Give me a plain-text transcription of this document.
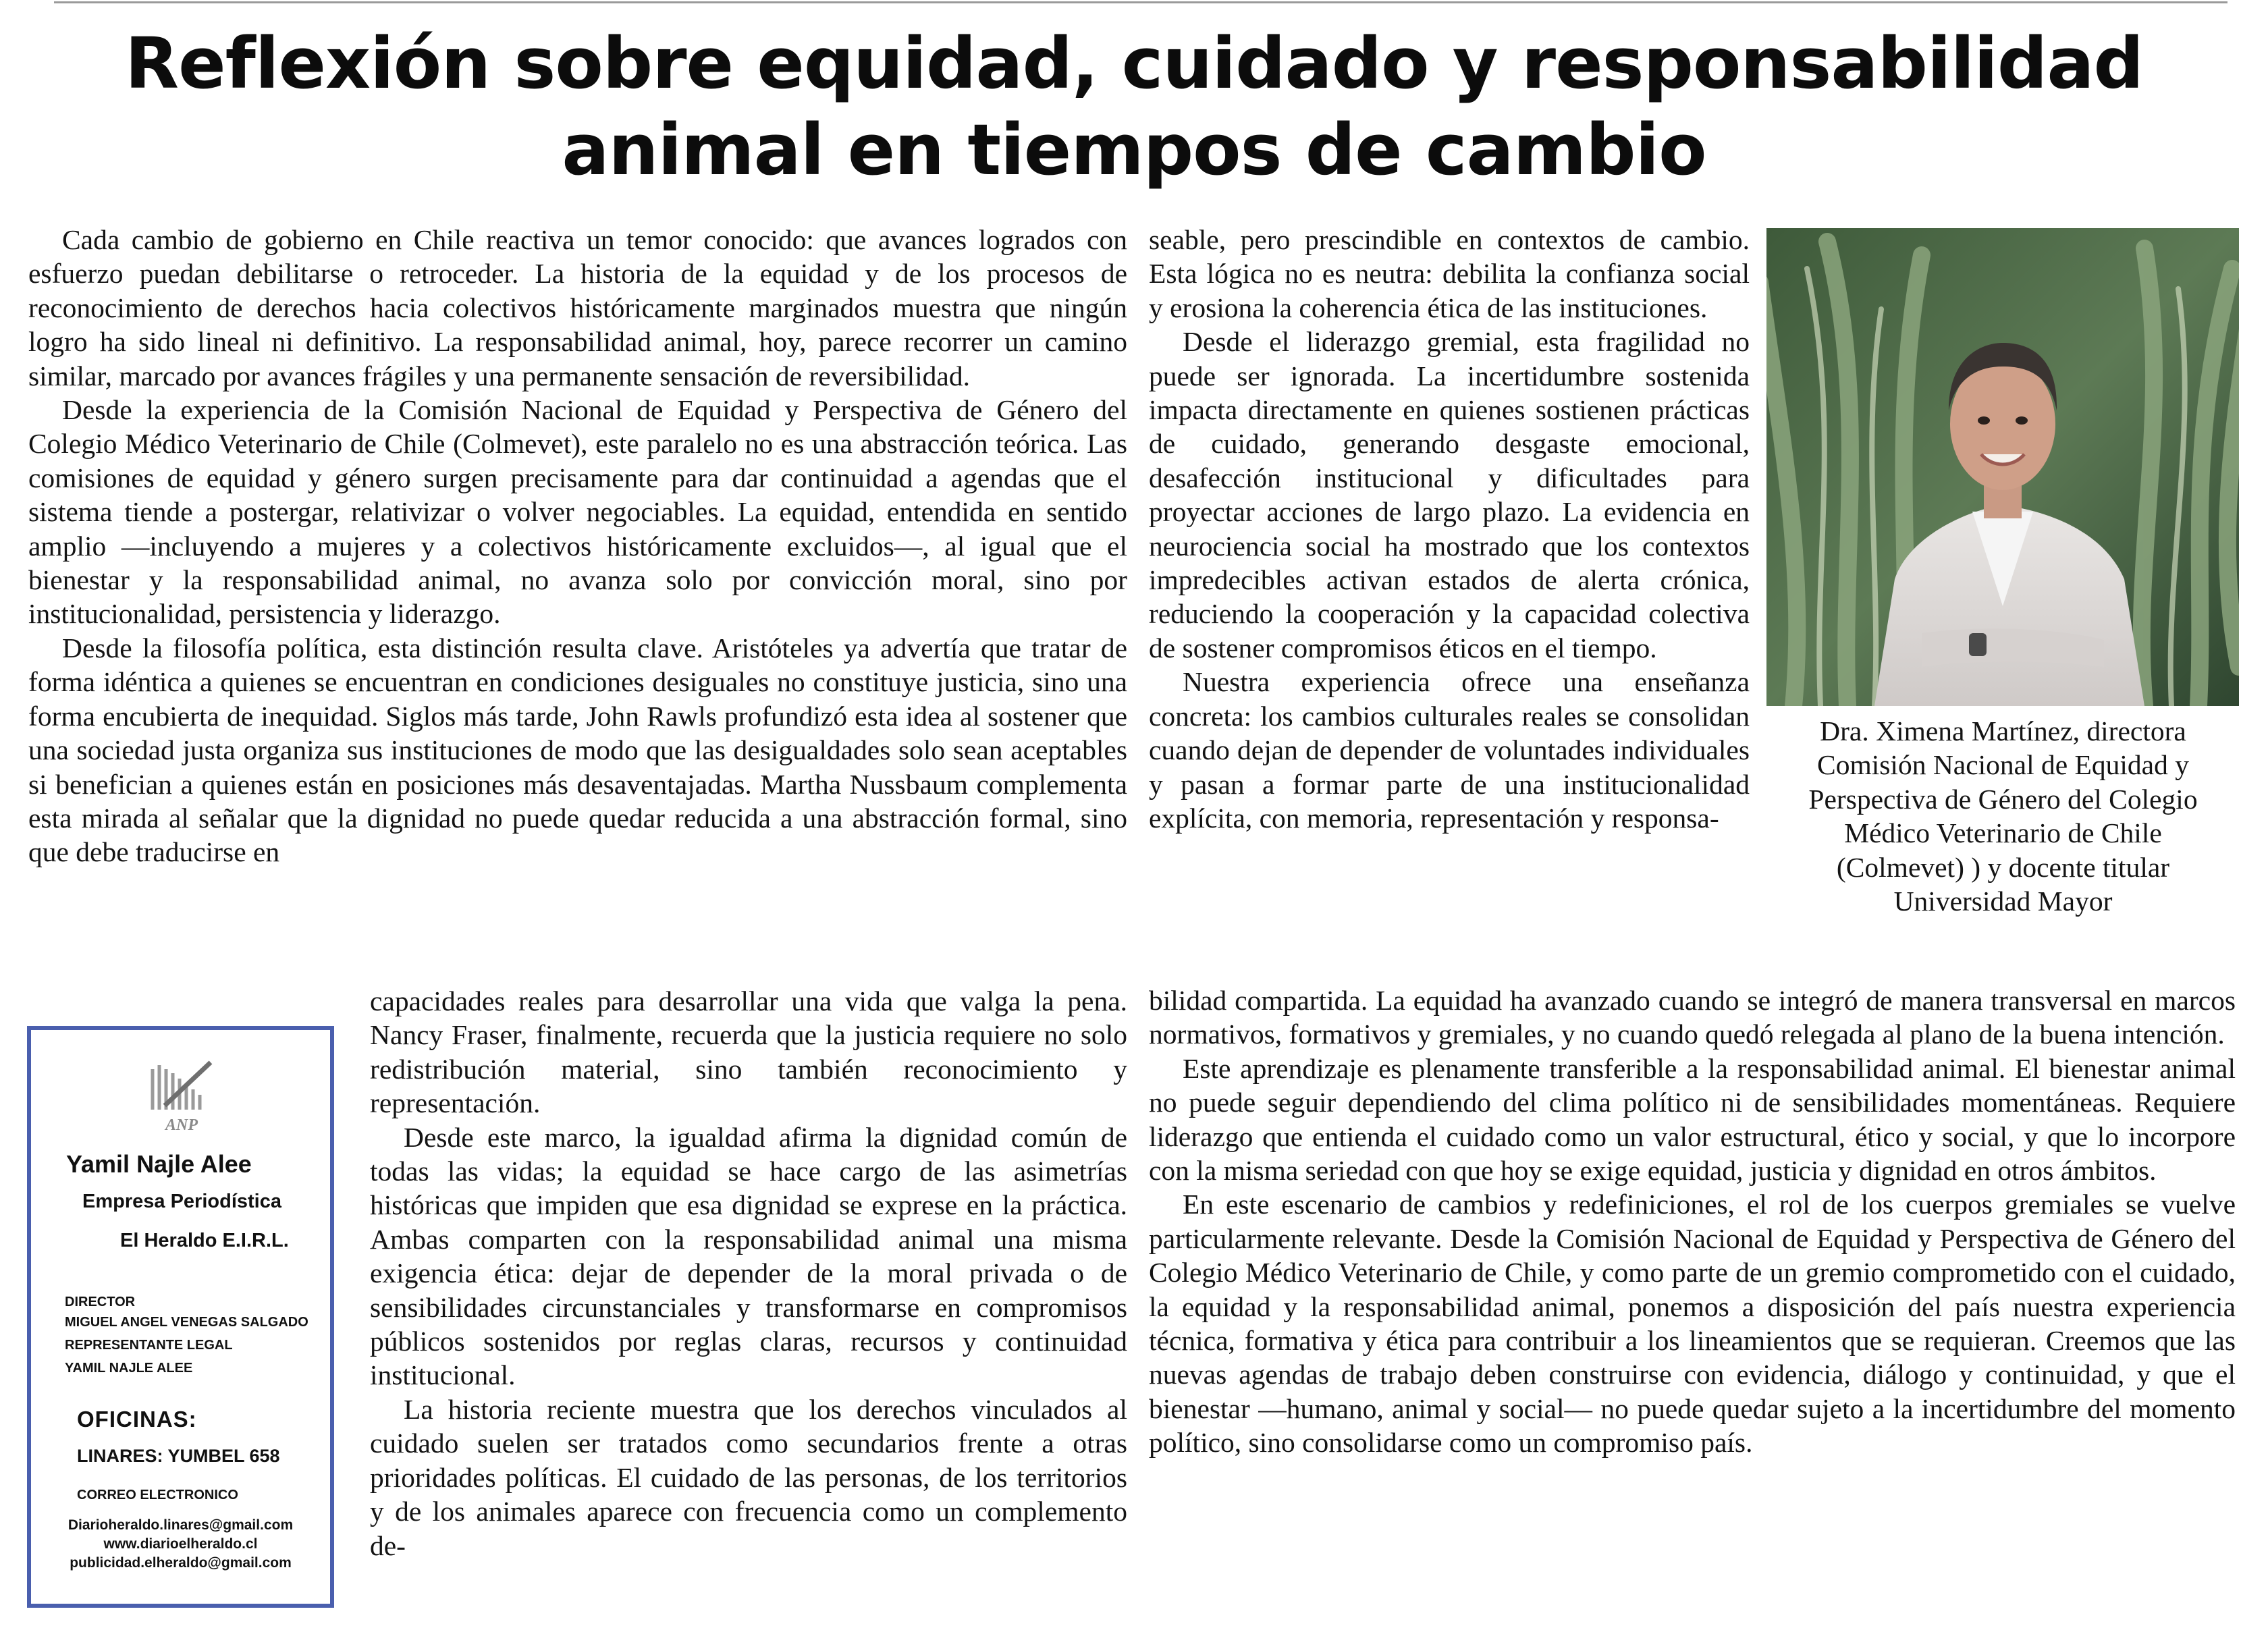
Reflexión sobre equidad, cuidado y responsabilidad
animal en tiempos de cambio

Cada cambio de gobierno en Chile reactiva un temor conocido: que avances logrados con esfuerzo puedan debilitarse o retroceder. La historia de la equidad y de los procesos de reconocimiento de derechos hacia colectivos históricamente marginados muestra que ningún logro ha sido lineal ni definitivo. La responsabilidad animal, hoy, parece recorrer un camino similar, marcado por avances frágiles y una permanente sensación de reversibilidad.

Desde la experiencia de la Comisión Nacional de Equidad y Perspectiva de Género del Colegio Médico Veterinario de Chile (Colmevet), este paralelo no es una abstracción teórica. Las comisiones de equidad y género surgen precisamente para dar continuidad a agendas que el sistema tiende a postergar, relativizar o volver negociables. La equidad, entendida en sentido amplio —incluyendo a mujeres y a colectivos históricamente excluidos—, al igual que el bienestar y la responsabilidad animal, no avanza solo por convicción moral, sino por institucionalidad, persistencia y liderazgo.

Desde la filosofía política, esta distinción resulta clave. Aristóteles ya advertía que tratar de forma idéntica a quienes se encuentran en condiciones desiguales no constituye justicia, sino una forma encubierta de inequidad. Siglos más tarde, John Rawls profundizó esta idea al sostener que una sociedad justa organiza sus instituciones de modo que las desigualdades solo sean aceptables si benefician a quienes están en posiciones más desaventajadas. Martha Nussbaum complementa esta mirada al señalar que la dignidad no puede quedar reducida a una abstracción formal, sino que debe traducirse en

capacidades reales para desarrollar una vida que valga la pena. Nancy Fraser, finalmente, recuerda que la justicia requiere no solo redistribución material, sino también reconocimiento y representación.

Desde este marco, la igualdad afirma la dignidad común de todas las vidas; la equidad se hace cargo de las asimetrías históricas que impiden que esa dignidad se exprese en la práctica. Ambas comparten con la responsabilidad animal una misma exigencia ética: dejar de depender de la moral privada o de sensibilidades circunstanciales y transformarse en compromisos públicos sostenidos por reglas claras, recursos y continuidad institucional.

La historia reciente muestra que los derechos vinculados al cuidado suelen ser tratados como secundarios frente a otras prioridades políticas. El cuidado de las personas, de los territorios y de los animales aparece con frecuencia como un complemento de-

seable, pero prescindible en contextos de cambio. Esta lógica no es neutra: debilita la confianza social y erosiona la coherencia ética de las instituciones.

Desde el liderazgo gremial, esta fragilidad no puede ser ignorada. La incertidumbre sostenida impacta directamente en quienes sostienen prácticas de cuidado, generando desgaste emocional, desafección institucional y dificultades para proyectar acciones de largo plazo. La evidencia en neurociencia social ha mostrado que los contextos impredecibles activan estados de alerta crónica, reduciendo la cooperación y la capacidad colectiva de sostener compromisos éticos en el tiempo.

Nuestra experiencia ofrece una enseñanza concreta: los cambios culturales reales se consolidan cuando dejan de depender de voluntades individuales y pasan a formar parte de una institucionalidad explícita, con memoria, representación y responsa-

bilidad compartida. La equidad ha avanzado cuando se integró de manera transversal en marcos normativos, formativos y gremiales, y no cuando quedó relegada al plano de la buena intención.

Este aprendizaje es plenamente transferible a la responsabilidad animal. El bienestar animal no puede seguir dependiendo del clima político ni de sensibilidades momentáneas. Requiere liderazgo que entienda el cuidado como un valor estructural, ético y social, y que lo incorpore con la misma seriedad con que hoy se exige equidad, justicia y dignidad en otros ámbitos.

En este escenario de cambios y redefiniciones, el rol de los cuerpos gremiales se vuelve particularmente relevante. Desde la Comisión Nacional de Equidad y Perspectiva de Género del Colegio Médico Veterinario de Chile, y como parte de un gremio comprometido con el cuidado, la equidad y la responsabilidad animal, ponemos a disposición del país nuestra experiencia técnica, formativa y ética para contribuir a los lineamientos que se requieran. Creemos que las nuevas agendas de trabajo deben construirse con evidencia, diálogo y continuidad, y que el bienestar —humano, animal y social— no puede quedar sujeto a la incertidumbre del momento político, sino consolidarse como un compromiso país.

Dra. Ximena Martínez, directora
Comisión Nacional de Equidad y
Perspectiva de Género del Colegio
Médico Veterinario de Chile
(Colmevet) ) y docente titular
Universidad Mayor
ANP
Yamil Najle Alee
Empresa Periodística
El Heraldo E.I.R.L.
DIRECTOR
MIGUEL ANGEL VENEGAS SALGADO
REPRESENTANTE LEGAL
YAMIL NAJLE ALEE
OFICINAS:
LINARES: YUMBEL 658
CORREO ELECTRONICO
Diarioheraldo.linares@gmail.com
www.diarioelheraldo.cl
publicidad.elheraldo@gmail.com
